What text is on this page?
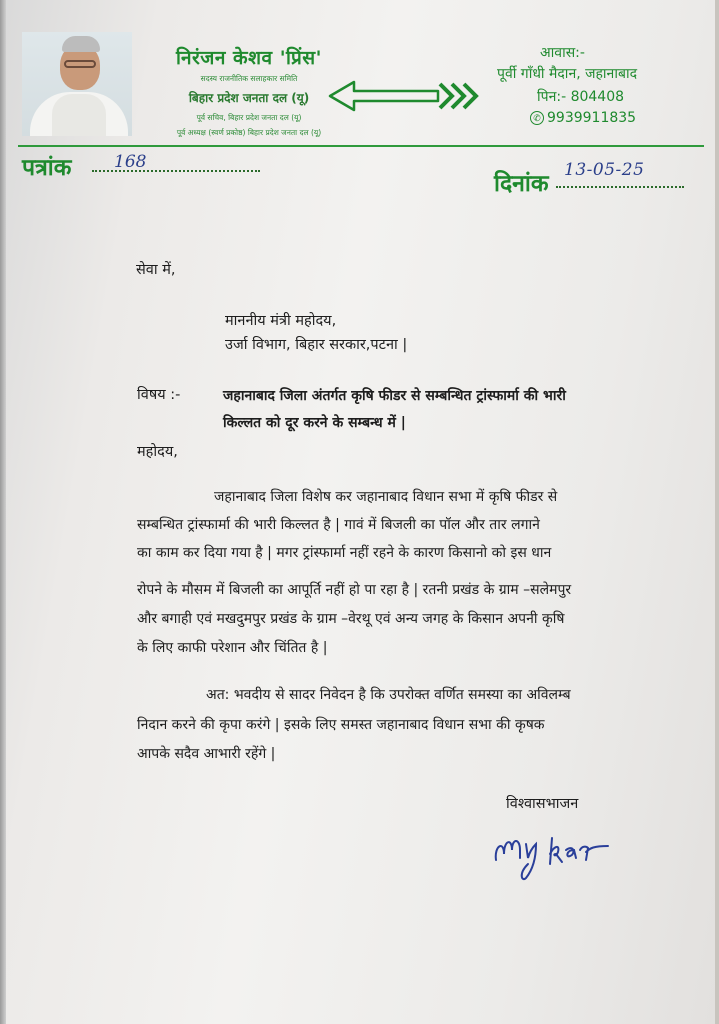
निरंजन केशव 'प्रिंस'
सदस्य राजनीतिक सलाहकार समिति
बिहार प्रदेश जनता दल (यू)
पूर्व सचिव, बिहार प्रदेश जनता दल (यू)
पूर्व अध्यक्ष (स्वर्ण प्रकोष्ठ) बिहार प्रदेश जनता दल (यू)
आवास:-
पूर्वी गाँधी मैदान, जहानाबाद
पिन:- 804408
✆ 9939911835
पत्रांक	168
दिनांक
13-05-25
सेवा में,
माननीय मंत्री महोदय,
उर्जा विभाग, बिहार सरकार,पटना |
विषय :-	जहानाबाद जिला अंतर्गत कृषि फीडर से सम्बन्धित ट्रांस्फार्मा की भारी
किल्लत को दूर करने के सम्बन्ध में |
महोदय,
जहानाबाद जिला विशेष कर जहानाबाद विधान सभा में कृषि फीडर से
सम्बन्धित ट्रांस्फार्मा की भारी किल्लत है | गावं में बिजली का पॉल और तार लगाने
का काम कर दिया गया है | मगर ट्रांस्फार्मा नहीं रहने के कारण किसानो को इस धान
रोपने के मौसम में बिजली का आपूर्ति नहीं हो पा रहा है | रतनी प्रखंड के ग्राम –सलेमपुर
और बगाही एवं मखदुमपुर प्रखंड के ग्राम –वेरथू एवं अन्य जगह के किसान अपनी कृषि
के लिए काफी परेशान और चिंतित है |
अत: भवदीय से सादर निवेदन है कि उपरोक्त वर्णित समस्या का अविलम्ब
निदान करने की कृपा करंगे | इसके लिए समस्त जहानाबाद विधान सभा की कृषक
आपके सदैव आभारी रहेंगे |
विश्वासभाजन
